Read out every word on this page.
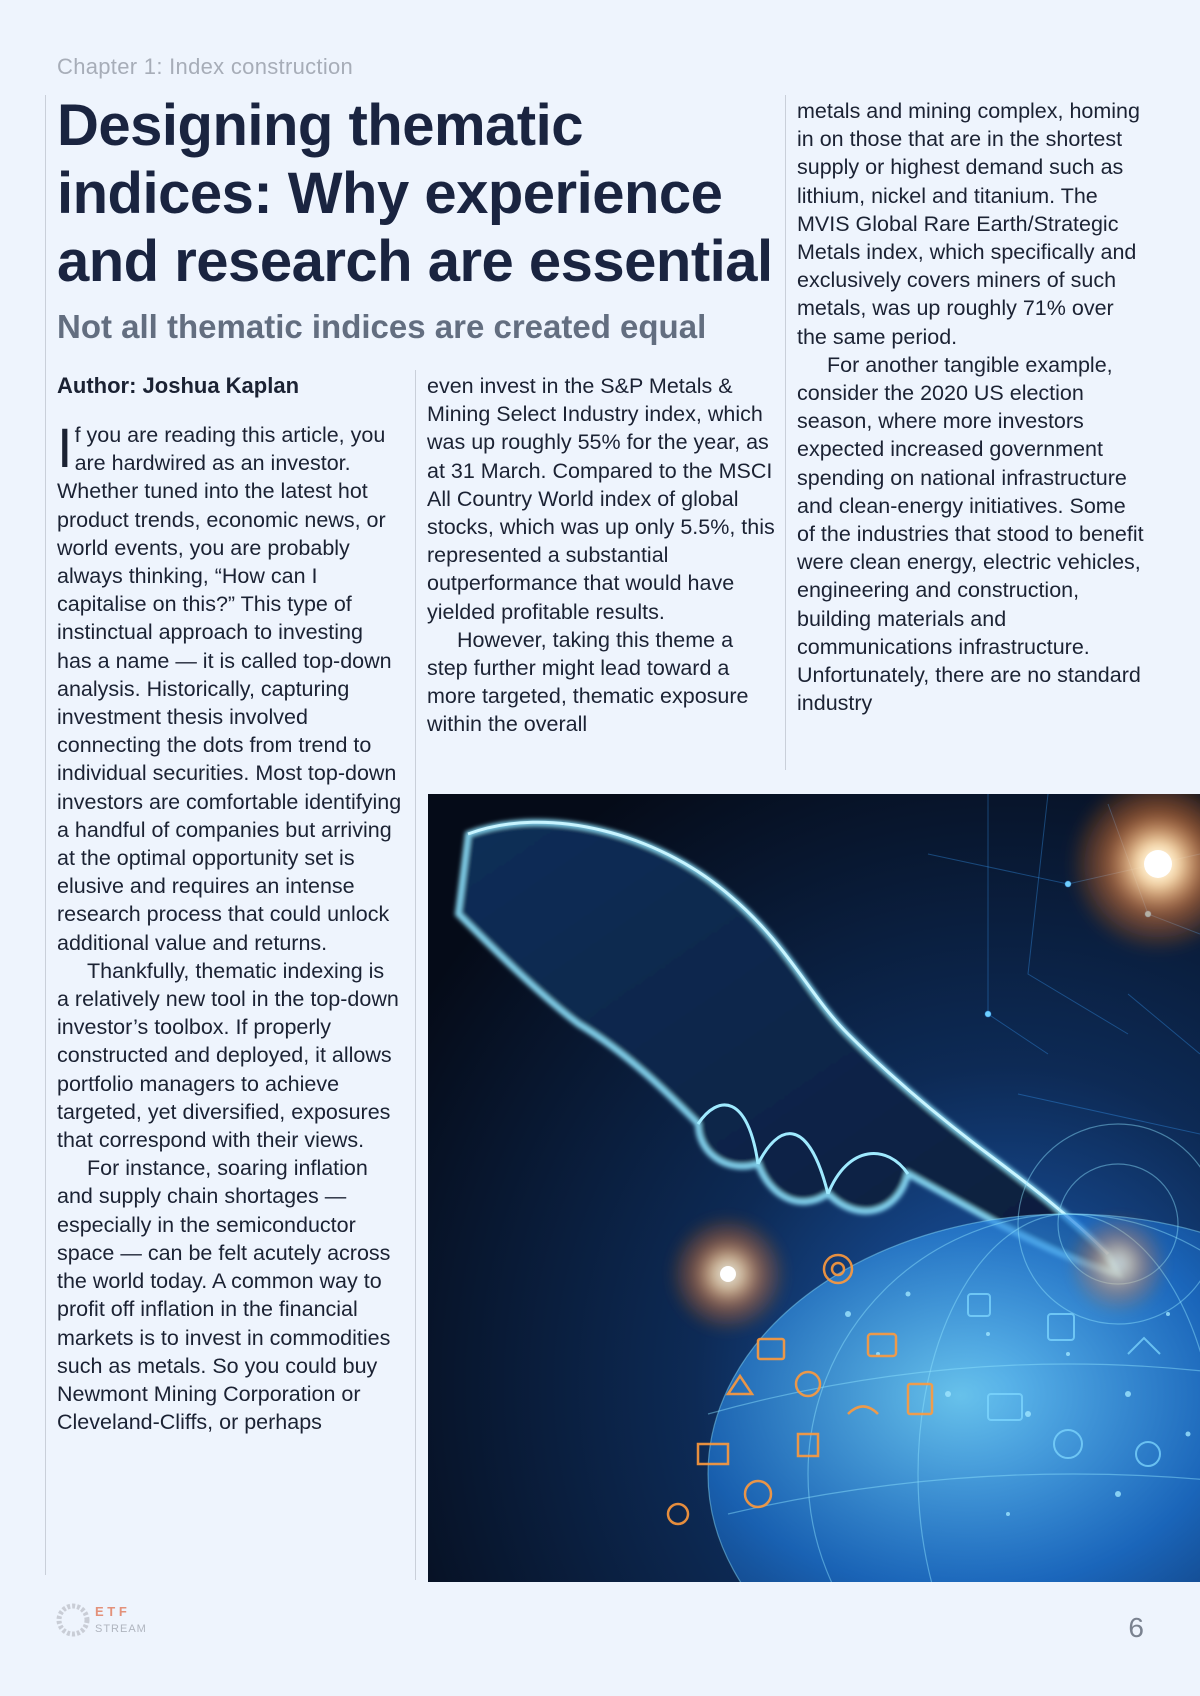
Chapter 1: Index construction
Designing thematic indices: Why experience and research are essential
Not all thematic indices are created equal
Author: Joshua Kaplan

If you are reading this article, you are hardwired as an investor. Whether tuned into the latest hot product trends, economic news, or world events, you are probably always thinking, “How can I capitalise on this?” This type of instinctual approach to investing has a name — it is called top-down analysis. Historically, capturing investment thesis involved connecting the dots from trend to individual securities. Most top-down investors are comfortable identifying a handful of companies but arriving at the optimal opportunity set is elusive and requires an intense research process that could unlock additional value and returns.

Thankfully, thematic indexing is a relatively new tool in the top-down investor’s toolbox. If properly constructed and deployed, it allows portfolio managers to achieve targeted, yet diversified, exposures that correspond with their views.

For instance, soaring inflation and supply chain shortages — especially in the semiconductor space — can be felt acutely across the world today. A common way to profit off inflation in the financial markets is to invest in commodities such as metals. So you could buy Newmont Mining Corporation or Cleveland-Cliffs, or perhaps

even invest in the S&P Metals & Mining Select Industry index, which was up roughly 55% for the year, as at 31 March. Compared to the MSCI All Country World index of global stocks, which was up only 5.5%, this represented a substantial outperformance that would have yielded profitable results.

However, taking this theme a step further might lead toward a more targeted, thematic exposure within the overall

metals and mining complex, homing in on those that are in the shortest supply or highest demand such as lithium, nickel and titanium. The MVIS Global Rare Earth/Strategic Metals index, which specifically and exclusively covers miners of such metals, was up roughly 71% over the same period.

For another tangible example, consider the 2020 US election season, where more investors expected increased government spending on national infrastructure and clean-energy initiatives. Some of the industries that stood to benefit were clean energy, electric vehicles, engineering and construction, building materials and communications infrastructure. Unfortunately, there are no standard industry

E T F
STREAM	6
